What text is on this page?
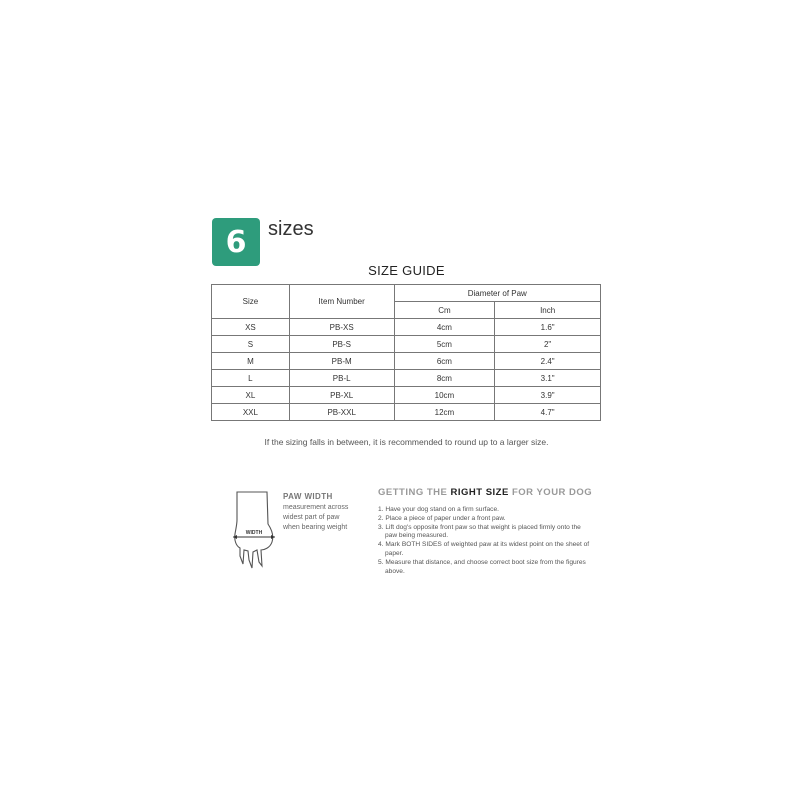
6	sizes
SIZE GUIDE
Size	Item Number	Diameter of Paw	
		Cm	Inch
XS	PB-XS	4cm	1.6"
S	PB-S	5cm	2"
M	PB-M	6cm	2.4"
L	PB-L	8cm	3.1"
XL	PB-XL	10cm	3.9"
XXL	PB-XXL	12cm	4.7"
If the sizing falls in between, it is recommended to round up to a larger size.
WIDTH
PAW WIDTH
measurement across widest part of paw when bearing weight
GETTING THE RIGHT SIZE FOR YOUR DOG
1. Have your dog stand on a firm surface.
2. Place a piece of paper under a front paw.
3. Lift dog's opposite front paw so that weight is placed firmly onto the paw being measured.
4. Mark BOTH SIDES of weighted paw at its widest point on the sheet of paper.
5. Measure that distance, and choose correct boot size from the figures above.
